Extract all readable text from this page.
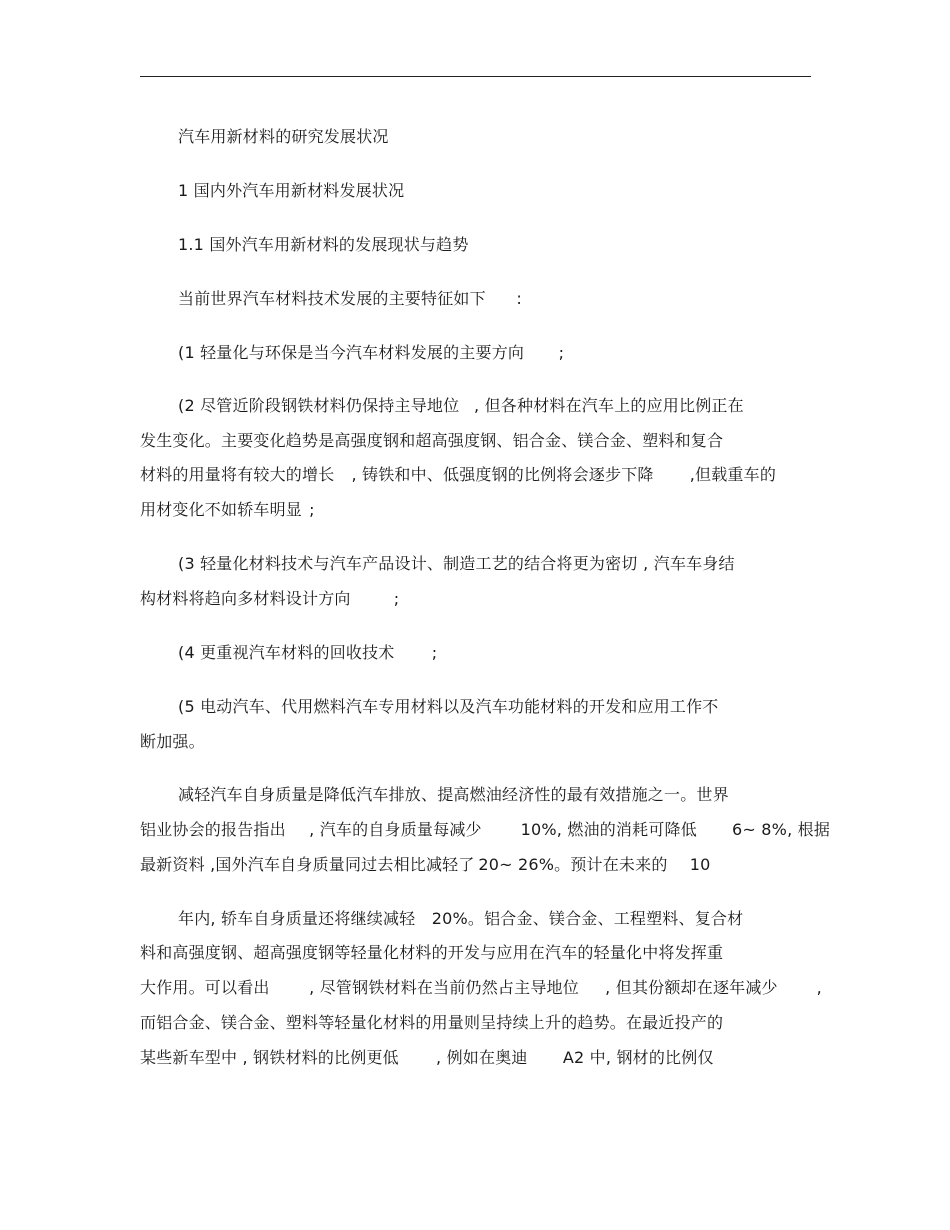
汽车用新材料的研究发展状况
1 国内外汽车用新材料发展状况
1.1 国外汽车用新材料的发展现状与趋势
当前世界汽车材料技术发展的主要特征如下	:
(1 轻量化与环保是当今汽车材料发展的主要方向	;
(2 尽管近阶段钢铁材料仍保持主导地位	, 但各种材料在汽车上的应用比例正在
发生变化。主要变化趋势是高强度钢和超高强度钢、铝合金、镁合金、塑料和复合
材料的用量将有较大的增长	, 铸铁和中、低强度钢的比例将会逐步下降	,但载重车的
用材变化不如轿车明显	;
(3 轻量化材料技术与汽车产品设计、制造工艺的结合将更为密切	, 汽车车身结
构材料将趋向多材料设计方向	;
(4 更重视汽车材料的回收技术	;
(5 电动汽车、代用燃料汽车专用材料以及汽车功能材料的开发和应用工作不
断加强。
减轻汽车自身质量是降低汽车排放、提高燃油经济性的最有效措施之一。世界
铝业协会的报告指出	, 汽车的自身质量每减少	10%, 燃油的消耗可降低	6~ 8%, 根据
最新资料 ,国外汽车自身质量同过去相比减轻了	20~ 26%。预计在未来的	10
年内, 轿车自身质量还将继续减轻	20%。铝合金、镁合金、工程塑料、复合材
料和高强度钢、超高强度钢等轻量化材料的开发与应用在汽车的轻量化中将发挥重
大作用。可以看出	, 尽管钢铁材料在当前仍然占主导地位	, 但其份额却在逐年减少	,
而铝合金、镁合金、塑料等轻量化材料的用量则呈持续上升的趋势。在最近投产的
某些新车型中 , 钢铁材料的比例更低	, 例如在奥迪	A2 中, 钢材的比例仅
